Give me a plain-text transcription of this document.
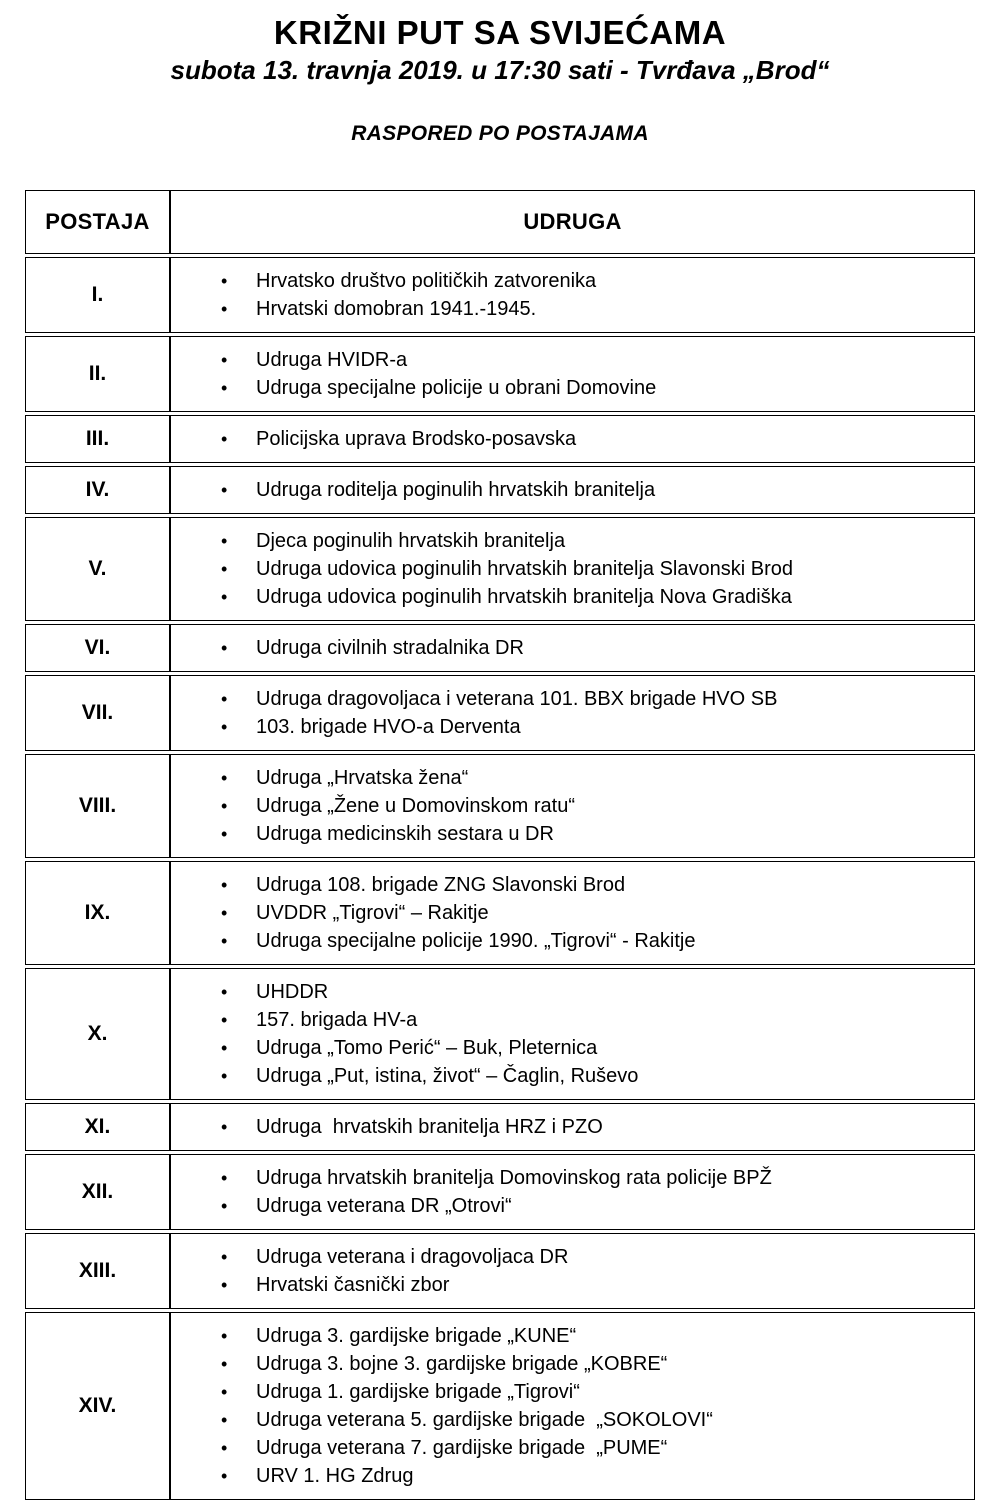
KRIŽNI PUT SA SVIJEĆAMA
subota 13. travnja 2019. u 17:30 sati - Tvrđava „Brod“
RASPORED PO POSTAJAMA
POSTAJA	UDRUGA
I.	
•	Hrvatsko društvo političkih zatvorenika
•	Hrvatski domobran 1941.-1945.

II.	
•	Udruga HVIDR-a
•	Udruga specijalne policije u obrani Domovine

III.	•	Policijska uprava Brodsko-posavska

IV.	•	Udruga roditelja poginulih hrvatskih branitelja

V.	
•	Djeca poginulih hrvatskih branitelja
•	Udruga udovica poginulih hrvatskih branitelja Slavonski Brod
•	Udruga udovica poginulih hrvatskih branitelja Nova Gradiška

VI.	•	Udruga civilnih stradalnika DR

VII.	
•	Udruga dragovoljaca i veterana 101. BBX brigade HVO SB
•	103. brigade HVO-a Derventa

VIII.	
•	Udruga „Hrvatska žena“
•	Udruga „Žene u Domovinskom ratu“
•	Udruga medicinskih sestara u DR

IX.	
•	Udruga 108. brigade ZNG Slavonski Brod
•	UVDDR „Tigrovi“ – Rakitje
•	Udruga specijalne policije 1990. „Tigrovi“ - Rakitje

X.	
•	UHDDR
•	157. brigada HV-a
•	Udruga „Tomo Perić“ – Buk, Pleternica
•	Udruga „Put, istina, život“ – Čaglin, Ruševo

XI.	•	Udruga  hrvatskih branitelja HRZ i PZO

XII.	
•	Udruga hrvatskih branitelja Domovinskog rata policije BPŽ
•	Udruga veterana DR „Otrovi“

XIII.	
•	Udruga veterana i dragovoljaca DR
•	Hrvatski časnički zbor

XIV.	
•	Udruga 3. gardijske brigade „KUNE“
•	Udruga 3. bojne 3. gardijske brigade „KOBRE“
•	Udruga 1. gardijske brigade „Tigrovi“
•	Udruga veterana 5. gardijske brigade  „SOKOLOVI“
•	Udruga veterana 7. gardijske brigade  „PUME“
•	URV 1. HG Zdrug
